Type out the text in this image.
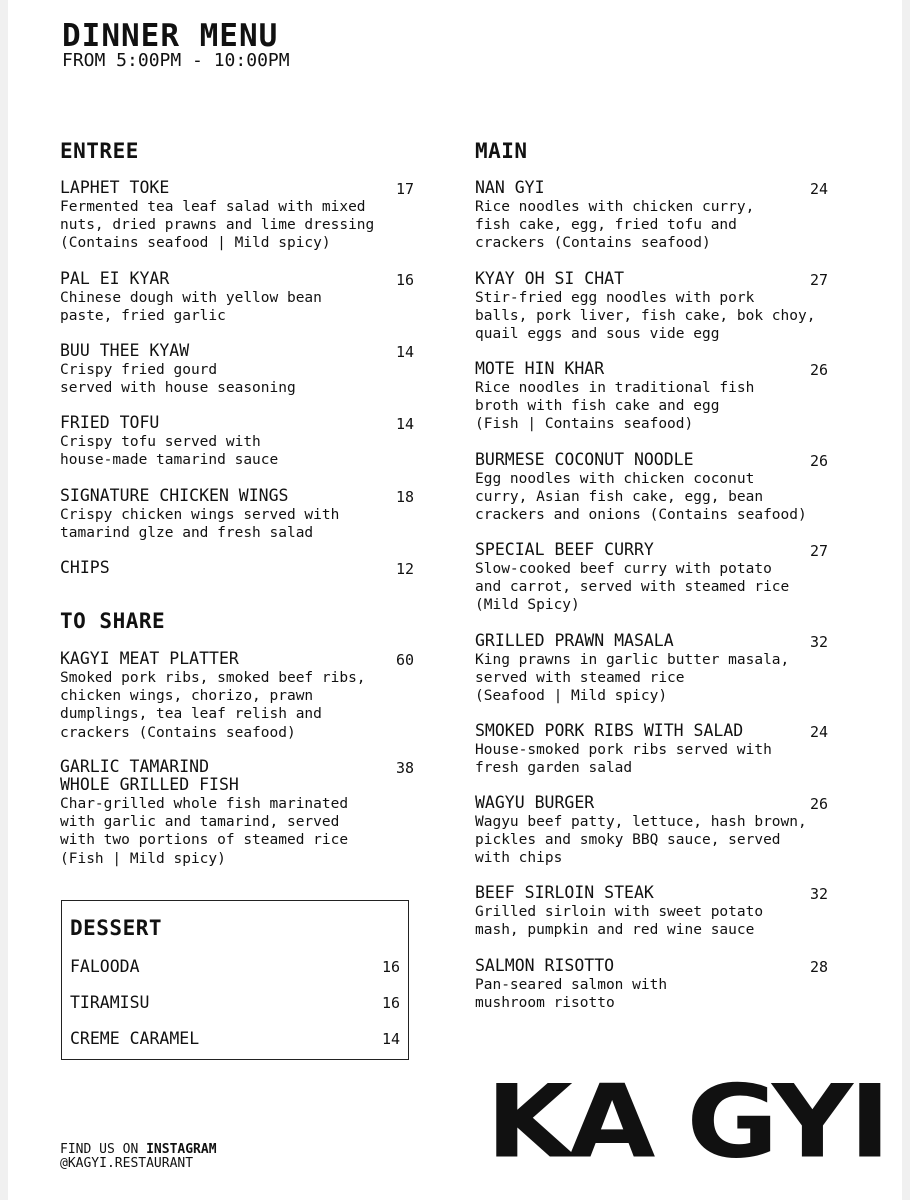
DINNER MENU
FROM 5:00PM - 10:00PM
ENTREE
LAPHET TOKE
Fermented tea leaf salad with mixed
nuts, dried prawns and lime dressing
(Contains seafood | Mild spicy)
17
PAL EI KYAR
Chinese dough with yellow bean
paste, fried garlic
16
BUU THEE KYAW
Crispy fried gourd
served with house seasoning
14
FRIED TOFU
Crispy tofu served with
house-made tamarind sauce
14
SIGNATURE CHICKEN WINGS
Crispy chicken wings served with
tamarind glze and fresh salad
18
CHIPS	12
TO SHARE
KAGYI MEAT PLATTER
Smoked pork ribs, smoked beef ribs,
chicken wings, chorizo, prawn
dumplings, tea leaf relish and
crackers (Contains seafood)
60
GARLIC TAMARIND
WHOLE GRILLED FISH
Char-grilled whole fish marinated
with garlic and tamarind, served
with two portions of steamed rice
(Fish | Mild spicy)
38
DESSERT
FALOODA	16
TIRAMISU	16
CREME CARAMEL	14
MAIN
NAN GYI
Rice noodles with chicken curry,
fish cake, egg, fried tofu and
crackers (Contains seafood)
24
KYAY OH SI CHAT
Stir-fried egg noodles with pork
balls, pork liver, fish cake, bok choy,
quail eggs and sous vide egg
27
MOTE HIN KHAR
Rice noodles in traditional fish
broth with fish cake and egg
(Fish | Contains seafood)
26
BURMESE COCONUT NOODLE
Egg noodles with chicken coconut
curry, Asian fish cake, egg, bean
crackers and onions (Contains seafood)
26
SPECIAL BEEF CURRY
Slow-cooked beef curry with potato
and carrot, served with steamed rice
(Mild Spicy)
27
GRILLED PRAWN MASALA
King prawns in garlic butter masala,
served with steamed rice
(Seafood | Mild spicy)
32
SMOKED PORK RIBS WITH SALAD
House-smoked pork ribs served with
fresh garden salad
24
WAGYU BURGER
Wagyu beef patty, lettuce, hash brown,
pickles and smoky BBQ sauce, served
with chips
26
BEEF SIRLOIN STEAK
Grilled sirloin with sweet potato
mash, pumpkin and red wine sauce
32
SALMON RISOTTO
Pan-seared salmon with
mushroom risotto
28
FIND US ON INSTAGRAM
@KAGYI.RESTAURANT	KA GYI
